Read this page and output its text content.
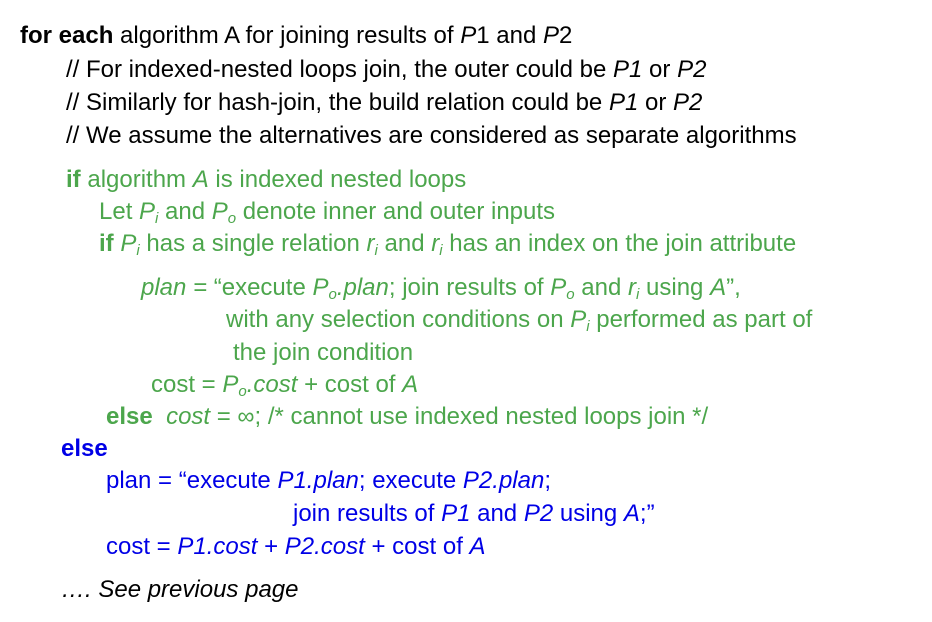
for each algorithm A for joining results of P1 and P2
// For indexed-nested loops join, the outer could be P1 or P2
// Similarly for hash-join, the build relation could be P1 or P2
// We assume the alternatives are considered as separate algorithms
if algorithm A is indexed nested loops
Let $P_i$ and $P_o$ denote inner and outer inputs
if $P_i$ has a single relation $r_i$ and $r_i$ has an index on the join attribute
plan = “execute $P_o.plan$; join results of $P_o$ and $r_i$ using A”,
with any selection conditions on $P_i$ performed as part of
the join condition
$\cos t = P_o.\cos t + \cos t$ of A
else cost = ∞; /* cannot use indexed nested loops join */
else
plan = “execute P1.plan; execute P2.plan;
join results of P1 and P2 using A;”
cost = P1.cost + P2.cost + cost of A
…. See previous page
